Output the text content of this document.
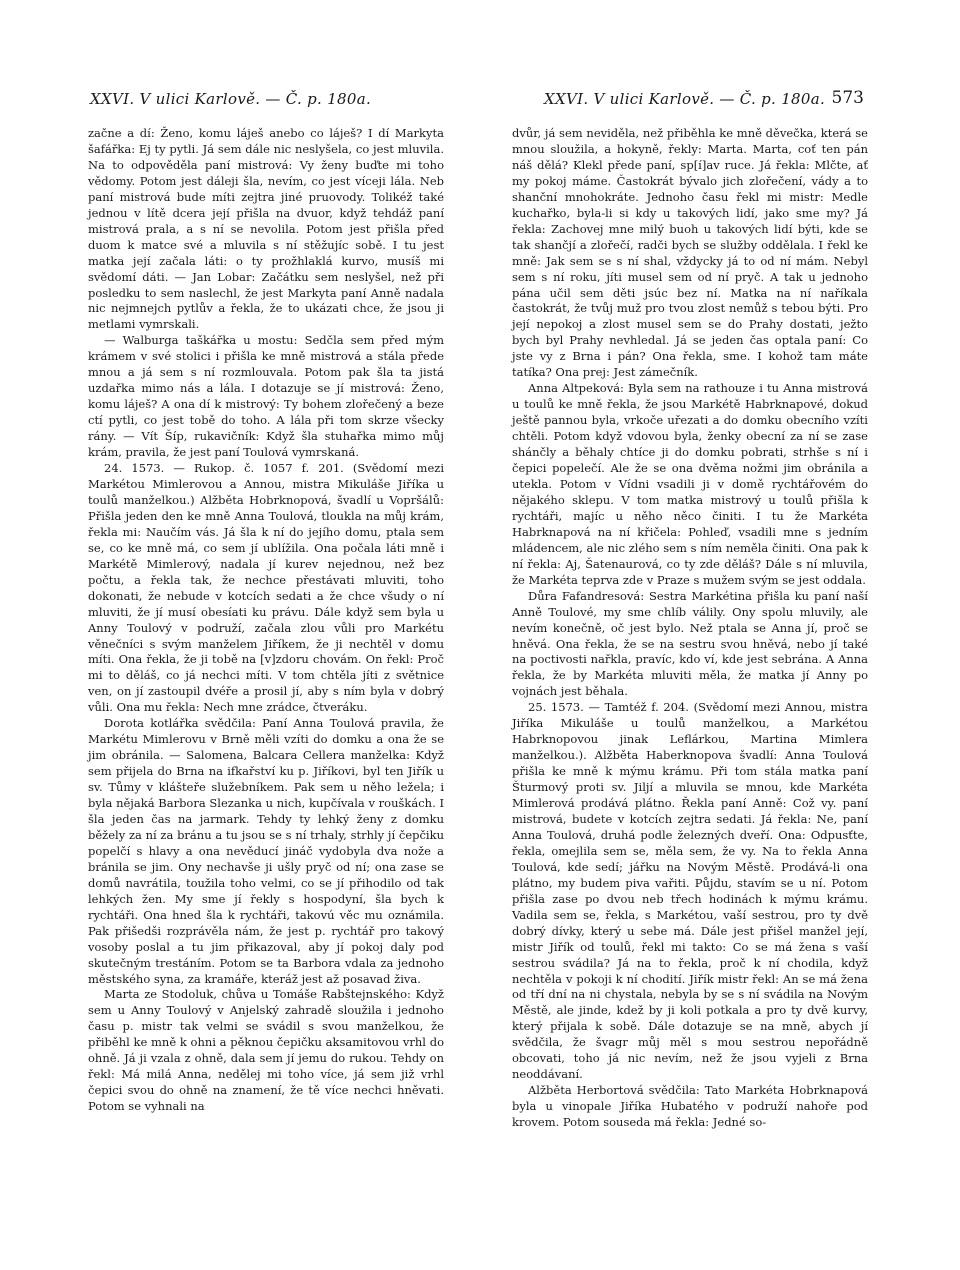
XXVI. V ulici Karlově. — Č. p. 180a.	XXVI. V ulici Karlově. — Č. p. 180a. 573

začne a dí: Ženo, komu láješ anebo co láješ? I dí Markyta šafářka: Ej ty pytli. Já sem dále nic neslyšela, co jest mluvila. Na to odpověděla paní mistrová: Vy ženy buďte mi toho vědomy. Potom jest dáleji šla, nevím, co jest víceji lála. Neb paní mistrová bude míti zejtra jiné pruovody. Tolikéž také jednou v lítě dcera její přišla na dvuor, když tehdáž paní mistrová prala, a s ní se nevolila. Potom jest přišla před duom k matce své a mluvila s ní stěžujíc sobě. I tu jest matka její začala láti: o ty prožhlaklá kurvo, musíš mi svědomí dáti. — Jan Lobar: Začátku sem neslyšel, než při posledku to sem naslechl, že jest Markyta paní Anně nadala nic nejmnejch pytlův a řekla, že to ukázati chce, že jsou ji metlami vymrskali.

— Walburga taškářka u mostu: Sedčla sem před mým krámem v své stolici i přišla ke mně mistrová a stála přede mnou a já sem s ní rozmlouvala. Potom pak šla ta jistá uzdařka mimo nás a lála. I dotazuje se jí mistrová: Ženo, komu láješ? A ona dí k mistrový: Ty bohem zlořečený a beze ctí pytli, co jest tobě do toho. A lála při tom skrze všecky rány. — Vít Šíp, rukavičník: Když šla stuhařka mimo můj krám, pravila, že jest paní Toulová vymrskaná.

24. 1573. — Rukop. č. 1057 f. 201. (Svědomí mezi Markétou Mimlerovou a Annou, mistra Mikuláše Jiříka u toulů manželkou.) Alžběta Hobrknopová, švadlí u Vopršálů: Přišla jeden den ke mně Anna Toulová, tloukla na můj krám, řekla mi: Naučím vás. Já šla k ní do jejího domu, ptala sem se, co ke mně má, co sem jí ublížila. Ona počala láti mně i Markétě Mimlerový, nadala jí kurev nejednou, než bez počtu, a řekla tak, že nechce přestávati mluviti, toho dokonati, že nebude v kotcích sedati a že chce všudy o ní mluviti, že jí musí obesíati ku právu. Dále když sem byla u Anny Toulový v podruží, začala zlou vůli pro Markétu věnečníci s svým manželem Jiříkem, že ji nechtěl v domu míti. Ona řekla, že ji tobě na [v]zdoru chovám. On řekl: Proč mi to děláš, co já nechci míti. V tom chtěla jíti z světnice ven, on jí zastoupil dvéře a prosil jí, aby s ním byla v dobrý vůli. Ona mu řekla: Nech mne zrádce, čtveráku.

Dorota kotlářka svědčila: Paní Anna Toulová pravila, že Markétu Mimlerovu v Brně měli vzíti do domku a ona že se jim obránila. — Salomena, Balcara Cellera manželka: Když sem přijela do Brna na ifkařství ku p. Jiříkovi, byl ten Jiřík u sv. Tůmy v klášteře služebníkem. Pak sem u něho ležela; i byla nějaká Barbora Slezanka u nich, kupčívala v rouškách. I šla jeden čas na jarmark. Tehdy ty lehký ženy z domku běžely za ní za bránu a tu jsou se s ní trhaly, strhly jí čepčiku popelčí s hlavy a ona nevěducí jináč vydobyla dva nože a bránila se jim. Ony nechavše ji ušly pryč od ní; ona zase se domů navrátila, toužila toho velmi, co se jí přihodilo od tak lehkých žen. My sme jí řekly s hospodyní, šla bych k rychtáři. Ona hned šla k rychtáři, takovú věc mu oznámila. Pak přišedši rozprávěla nám, že jest p. rychtář pro takový vosoby poslal a tu jim přikazoval, aby jí pokoj daly pod skutečným trestáním. Potom se ta Barbora vdala za jednoho městského syna, za kramáře, kteráž jest až posavad živa.

Marta ze Stodoluk, chůva u Tomáše Rabštejnského: Když sem u Anny Toulový v Anjelský zahradě sloužila i jednoho času p. mistr tak velmi se svádil s svou manželkou, že přiběhl ke mně k ohni a pěknou čepičku aksamitovou vrhl do ohně. Já ji vzala z ohně, dala sem jí jemu do rukou. Tehdy on řekl: Má milá Anna, nedělej mi toho více, já sem již vrhl čepici svou do ohně na znamení, že tě více nechci hněvati. Potom se vyhnali na

dvůr, já sem neviděla, než přiběhla ke mně děvečka, která se mnou sloužila, a hokyně, řekly: Marta. Marta, coť ten pán náš dělá? Klekl přede paní, sp[í]av ruce. Já řekla: Mlčte, ať my pokoj máme. Častokrát bývalo jich zlořečení, vády a to shanční mnohokráte. Jednoho času řekl mi mistr: Medle kuchařko, byla-li si kdy u takových lidí, jako sme my? Já řekla: Zachovej mne milý buoh u takových lidí býti, kde se tak shančjí a zlořečí, radči bych se služby oddělala. I řekl ke mně: Jak sem se s ní shal, vždycky já to od ní mám. Nebyl sem s ní roku, jíti musel sem od ní pryč. A tak u jednoho pána učil sem děti jsúc bez ní. Matka na ní naříkala častokrát, že tvůj muž pro tvou zlost nemůž s tebou býti. Pro její nepokoj a zlost musel sem se do Prahy dostati, ježto bych byl Prahy nevhledal. Já se jeden čas optala paní: Co jste vy z Brna i pán? Ona řekla, sme. I kohož tam máte tatíka? Ona prej: Jest zámečník.

Anna Altpeková: Byla sem na rathouze i tu Anna mistrová u toulů ke mně řekla, že jsou Markétě Habrknapové, dokud ještě pannou byla, vrkoče uřezati a do domku obecního vzíti chtěli. Potom když vdovou byla, ženky obecní za ní se zase shánčly a běhaly chtíce ji do domku pobrati, strhše s ní i čepici popelečí. Ale že se ona dvěma nožmi jim obránila a utekla. Potom v Vídni vsadili ji v domě rychtářovém do nějakého sklepu. V tom matka mistrový u toulů přišla k rychtáři, majíc u něho něco činiti. I tu že Markéta Habrknapová na ní křičela: Pohleď, vsadili mne s jedním mládencem, ale nic zlého sem s ním neměla činiti. Ona pak k ní řekla: Aj, Šatenaurová, co ty zde děláš? Dále s ní mluvila, že Markéta teprva zde v Praze s mužem svým se jest oddala.

Důra Fafandresová: Sestra Markétina přišla ku paní naší Anně Toulové, my sme chlíb válily. Ony spolu mluvily, ale nevím konečně, oč jest bylo. Než ptala se Anna jí, proč se hněvá. Ona řekla, že se na sestru svou hněvá, nebo jí také na poctivosti nařkla, pravíc, kdo ví, kde jest sebrána. A Anna řekla, že by Markéta mluviti měla, že matka jí Anny po vojnách jest běhala.

25. 1573. — Tamtéž f. 204. (Svědomí mezi Annou, mistra Jiříka Mikuláše u toulů manželkou, a Markétou Habrknopovou jinak Leflárkou, Martina Mimlera manželkou.). Alžběta Haberknopova švadlí: Anna Toulová přišla ke mně k mýmu krámu. Při tom stála matka paní Šturmový proti sv. Jiljí a mluvila se mnou, kde Markéta Mimlerová prodává plátno. Řekla paní Anně: Což vy. paní mistrová, budete v kotcích zejtra sedati. Já řekla: Ne, paní Anna Toulová, druhá podle železných dveří. Ona: Odpusťte, řekla, omejlila sem se, měla sem, že vy. Na to řekla Anna Toulová, kde sedí; jářku na Novým Městě. Prodává-li ona plátno, my budem piva vařiti. Půjdu, stavím se u ní. Potom přišla zase po dvou neb třech hodinách k mýmu krámu. Vadila sem se, řekla, s Markétou, vaší sestrou, pro ty dvě dobrý dívky, který u sebe má. Dále jest přišel manžel její, mistr Jiřík od toulů, řekl mi takto: Co se má žena s vaší sestrou svádila? Já na to řekla, proč k ní chodila, když nechtěla v pokoji k ní chodití. Jiřík mistr řekl: An se má žena od tří dní na ni chystala, nebyla by se s ní svádila na Novým Městě, ale jinde, kdež by ji koli potkala a pro ty dvě kurvy, který přijala k sobě. Dále dotazuje se na mně, abych jí svědčila, že švagr můj měl s mou sestrou nepořádně obcovati, toho já nic nevím, než že jsou vyjeli z Brna neoddávaní.

Alžběta Herbortová svědčila: Tato Markéta Hobrknapová byla u vinopale Jiříka Hubatého v podruží nahoře pod krovem. Potom souseda má řekla: Jedné so-
